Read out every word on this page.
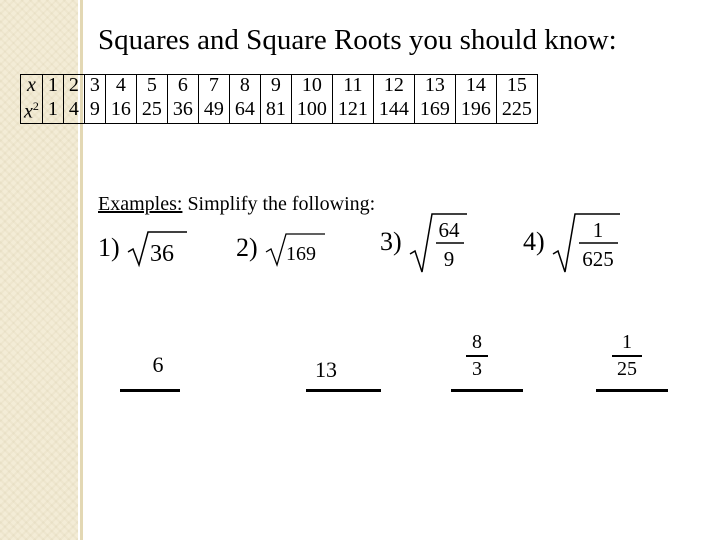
Squares and Square Roots you should know:
x	1	2	3	4	5	6	7	8	9	10	11	12	13	14	15
$x^2$	1	4	9	16	25	36	49	64	81	100	121	144	169	196	225
Examples: Simplify the following:
1) 36 2) 169 3) 64
9
4) 1
625
6	13
8
3
1
25
